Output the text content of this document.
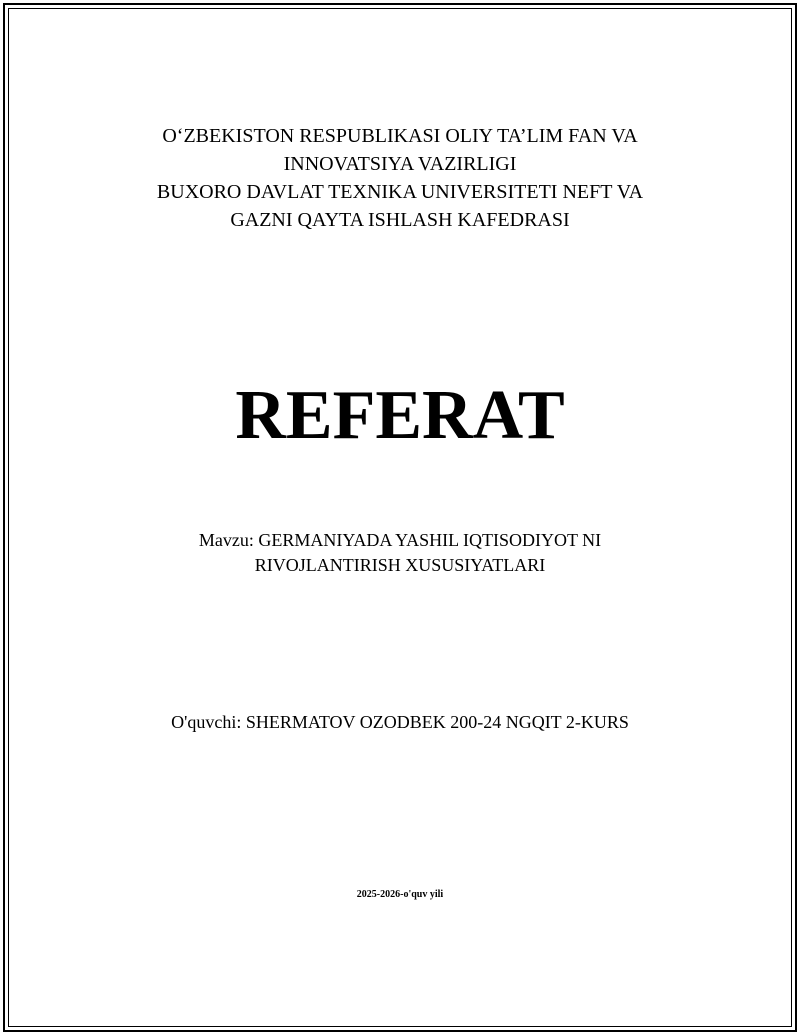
O‘ZBEKISTON RESPUBLIKASI OLIY TA’LIM FAN VA
INNOVATSIYA VAZIRLIGI
BUXORO DAVLAT TEXNIKA UNIVERSITETI NEFT VA
GAZNI QAYTA ISHLASH KAFEDRASI
REFERAT
Mavzu: GERMANIYADA YASHIL IQTISODIYOT NI
RIVOJLANTIRISH XUSUSIYATLARI
O'quvchi: SHERMATOV OZODBEK 200-24 NGQIT 2-KURS
2025-2026-o'quv yili
